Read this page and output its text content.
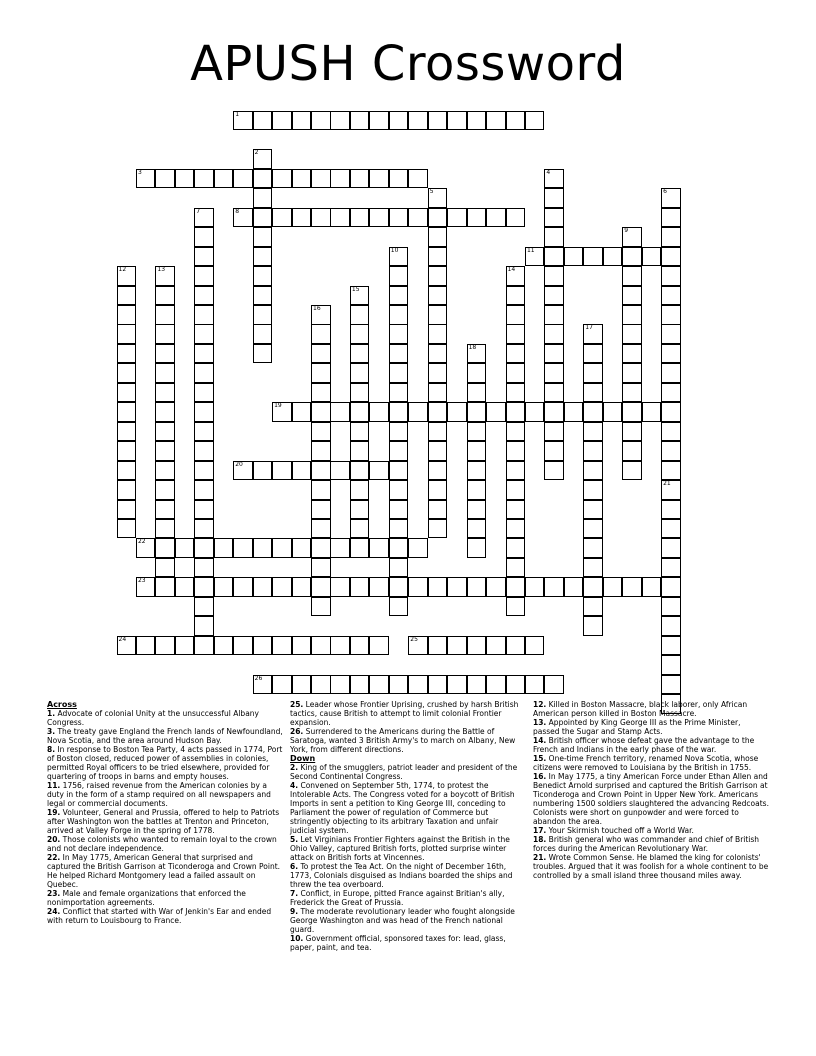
APUSH Crossword
1
3
8
11
19
20
22
23
24	25
26
2
4
5	6
21
7
9
10
12	13	14
15
16
17
18

Across

1. Advocate of colonial Unity at the unsuccessful Albany Congress.

3. The treaty gave England the French lands of Newfoundland, Nova Scotia, and the area around Hudson Bay.

8. In response to Boston Tea Party, 4 acts passed in 1774, Port of Boston closed, reduced power of assemblies in colonies, permitted Royal officers to be tried elsewhere, provided for quartering of troops in barns and empty houses.

11. 1756, raised revenue from the American colonies by a duty in the form of a stamp required on all newspapers and legal or commercial documents.

19. Volunteer, General and Prussia, offered to help to Patriots after Washington won the battles at Trenton and Princeton, arrived at Valley Forge in the spring of 1778.

20. Those colonists who wanted to remain loyal to the crown and not declare independence.

22. In May 1775, American General that surprised and captured the British Garrison at Ticonderoga and Crown Point. He helped Richard Montgomery lead a failed assault on Quebec.

23. Male and female organizations that enforced the nonimportation agreements.

24. Conflict that started with War of Jenkin's Ear and ended with return to Louisbourg to France.

25. Leader whose Frontier Uprising, crushed by harsh British tactics, cause British to attempt to limit colonial Frontier expansion.

26. Surrendered to the Americans during the Battle of Saratoga, wanted 3 British Army's to march on Albany, New York, from different directions.

Down

2. King of the smugglers, patriot leader and president of the Second Continental Congress.

4. Convened on September 5th, 1774, to protest the Intolerable Acts. The Congress voted for a boycott of British Imports in sent a petition to King George III, conceding to Parliament the power of regulation of Commerce but stringently objecting to its arbitrary Taxation and unfair judicial system.

5. Let Virginians Frontier Fighters against the British in the Ohio Valley, captured British forts, plotted surprise winter attack on British forts at Vincennes.

6. To protest the Tea Act. On the night of December 16th, 1773, Colonials disguised as Indians boarded the ships and threw the tea overboard.

7. Conflict, in Europe, pitted France against Britian's ally, Frederick the Great of Prussia.

9. The moderate revolutionary leader who fought alongside George Washington and was head of the French national guard.

10. Government official, sponsored taxes for: lead, glass, paper, paint, and tea.

12. Killed in Boston Massacre, black laborer, only African American person killed in Boston Massacre.

13. Appointed by King George III as the Prime Minister, passed the Sugar and Stamp Acts.

14. British officer whose defeat gave the advantage to the French and Indians in the early phase of the war.

15. One-time French territory, renamed Nova Scotia, whose citizens were removed to Louisiana by the British in 1755.

16. In May 1775, a tiny American Force under Ethan Allen and Benedict Arnold surprised and captured the British Garrison at Ticonderoga and Crown Point in Upper New York. Americans numbering 1500 soldiers slaughtered the advancing Redcoats. Colonists were short on gunpowder and were forced to abandon the area.

17. Your Skirmish touched off a World War.

18. British general who was commander and chief of British forces during the American Revolutionary War.

21. Wrote Common Sense. He blamed the king for colonists' troubles. Argued that it was foolish for a whole continent to be controlled by a small island three thousand miles away.
